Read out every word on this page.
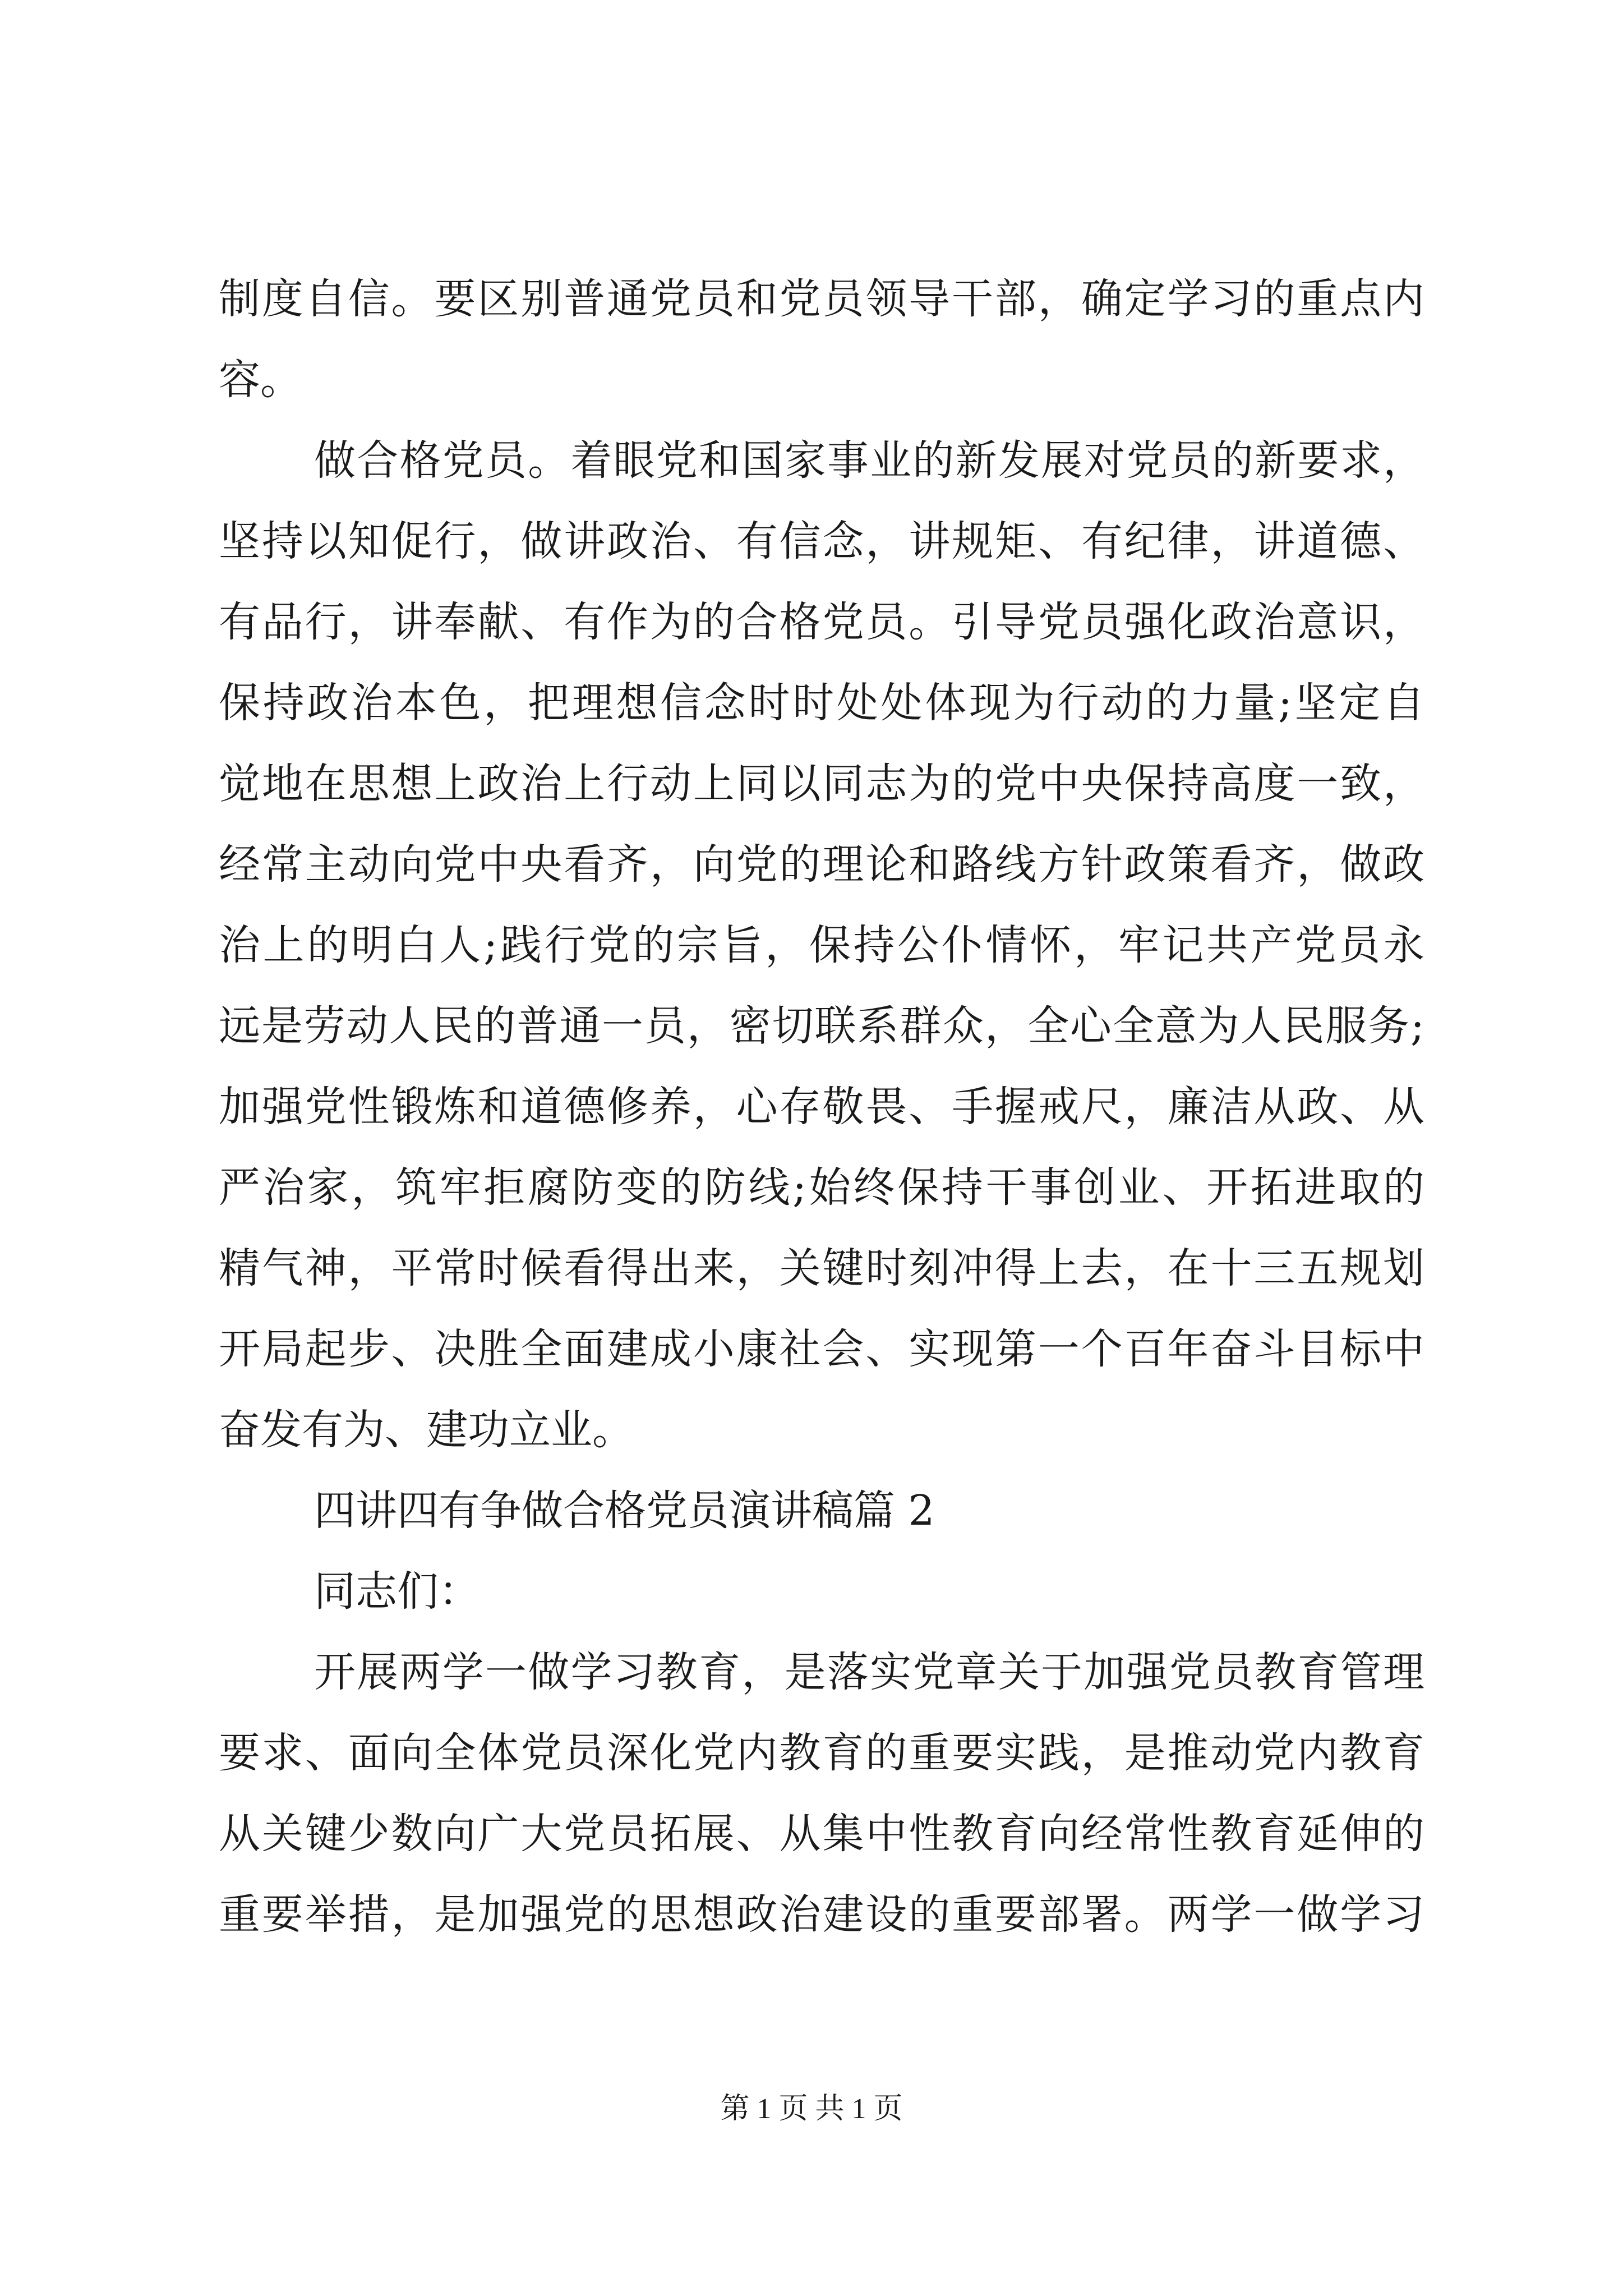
制度自信。要区别普通党员和党员领导干部，确定学习的重点内
容。
做合格党员。着眼党和国家事业的新发展对党员的新要求，
坚持以知促行，做讲政治、有信念，讲规矩、有纪律，讲道德、
有品行，讲奉献、有作为的合格党员。引导党员强化政治意识，
保持政治本色，把理想信念时时处处体现为行动的力量;坚定自
觉地在思想上政治上行动上同以同志为的党中央保持高度一致，
经常主动向党中央看齐，向党的理论和路线方针政策看齐，做政
治上的明白人;践行党的宗旨，保持公仆情怀，牢记共产党员永
远是劳动人民的普通一员，密切联系群众，全心全意为人民服务;
加强党性锻炼和道德修养，心存敬畏、手握戒尺，廉洁从政、从
严治家，筑牢拒腐防变的防线;始终保持干事创业、开拓进取的
精气神，平常时候看得出来，关键时刻冲得上去，在十三五规划
开局起步、决胜全面建成小康社会、实现第一个百年奋斗目标中
奋发有为、建功立业。
四讲四有争做合格党员演讲稿篇 2
同志们：
开展两学一做学习教育，是落实党章关于加强党员教育管理
要求、面向全体党员深化党内教育的重要实践，是推动党内教育
从关键少数向广大党员拓展、从集中性教育向经常性教育延伸的
重要举措，是加强党的思想政治建设的重要部署。两学一做学习
第 1 页 共 1 页
